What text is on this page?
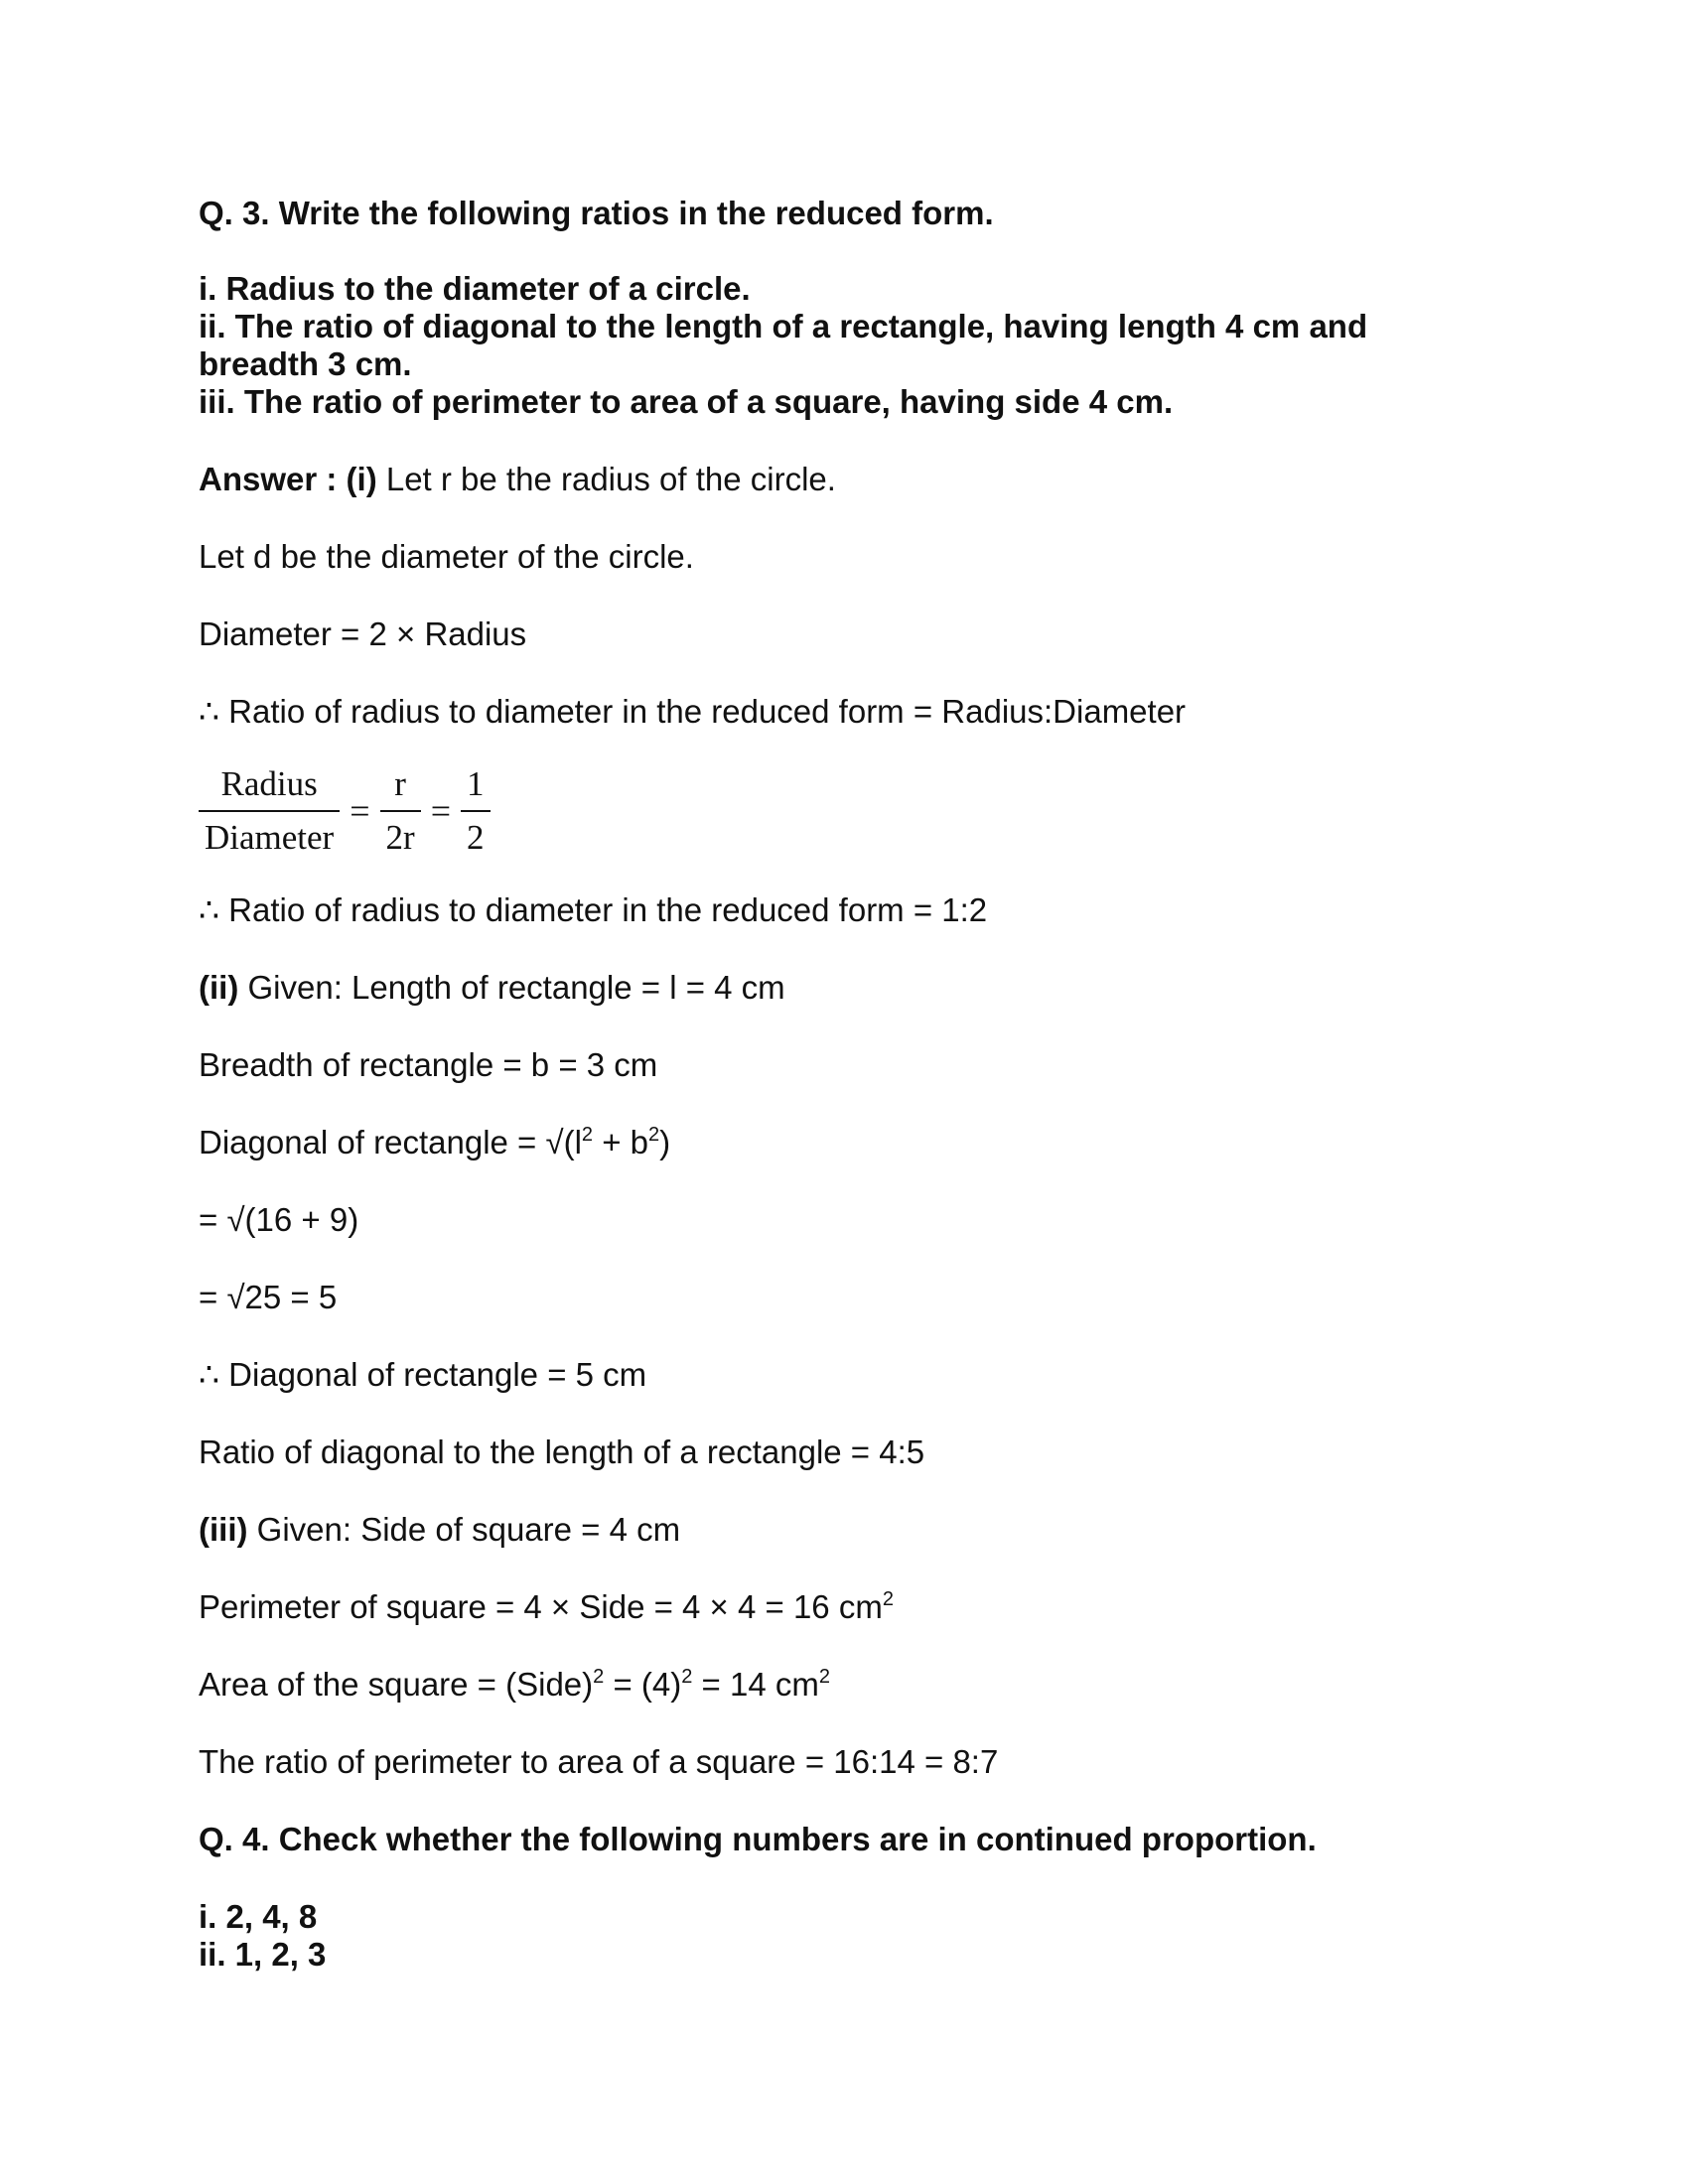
Q. 3. Write the following ratios in the reduced form.
i. Radius to the diameter of a circle.
ii. The ratio of diagonal to the length of a rectangle, having length 4 cm and
breadth 3 cm.
iii. The ratio of perimeter to area of a square, having side 4 cm.
Answer : (i) Let r be the radius of the circle.
Let d be the diameter of the circle.
Diameter = 2 × Radius
∴ Ratio of radius to diameter in the reduced form = Radius:Diameter
$\frac{\text{Radius}}{\text{Diameter}} = \frac{r}{2r} = \frac{1}{2}$
∴ Ratio of radius to diameter in the reduced form = 1:2
(ii) Given: Length of rectangle = l = 4 cm
Breadth of rectangle = b = 3 cm
Diagonal of rectangle = $√(l^2 + b^2)$
= √(16 + 9)
= √25 = 5
∴ Diagonal of rectangle = 5 cm
Ratio of diagonal to the length of a rectangle = 4:5
(iii) Given: Side of square = 4 cm
Perimeter of square = 4 × Side = 4 × 4 = 16 $cm^2$
Area of the square = (Side)$^2$ = $(4)^2 = 14$ $cm^2$
The ratio of perimeter to area of a square = 16:14 = 8:7
Q. 4. Check whether the following numbers are in continued proportion.
i. 2, 4, 8
ii. 1, 2, 3
